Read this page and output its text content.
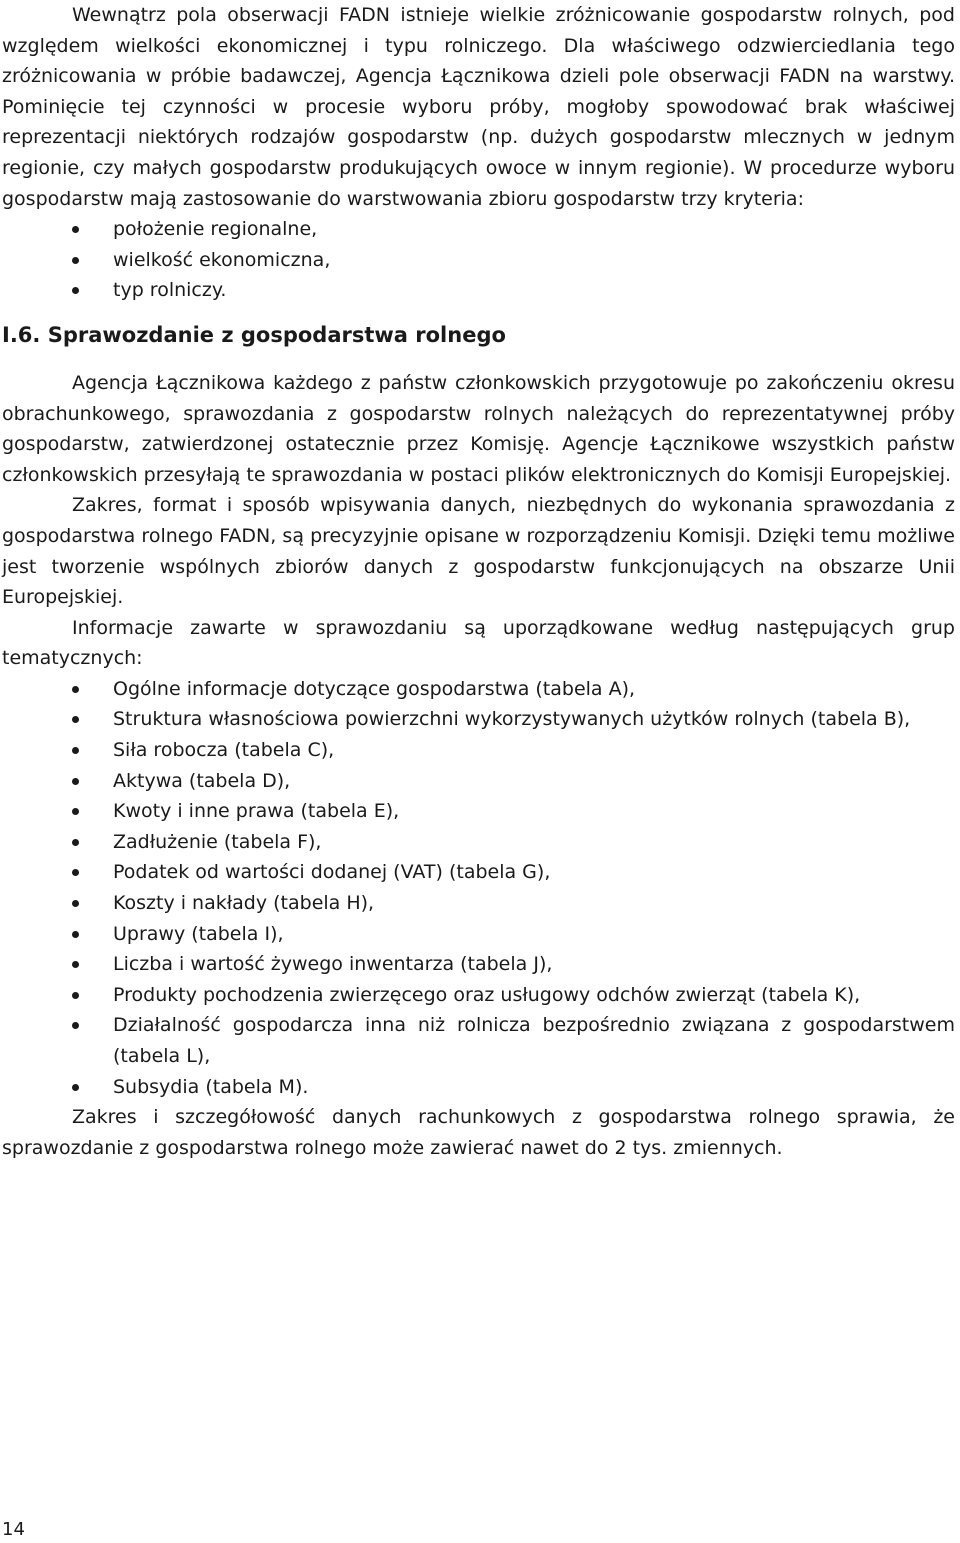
Wewnątrz pola obserwacji FADN istnieje wielkie zróżnicowanie gospodarstw rolnych, pod względem wielkości ekonomicznej i typu rolniczego. Dla właściwego odzwierciedlania tego zróżnicowania w próbie badawczej, Agencja Łącznikowa dzieli pole obserwacji FADN na warstwy. Pominięcie tej czynności w procesie wyboru próby, mogłoby spowodować brak właściwej reprezentacji niektórych rodzajów gospodarstw (np. dużych gospodarstw mlecznych w jednym regionie, czy małych gospodarstw produkujących owoce w innym regionie). W procedurze wyboru gospodarstw mają zastosowanie do warstwowania zbioru gospodarstw trzy kryteria:

położenie regionalne,
wielkość ekonomiczna,
typ rolniczy.
I.6. Sprawozdanie z gospodarstwa rolnego

Agencja Łącznikowa każdego z państw członkowskich przygotowuje po zakończeniu okresu obrachunkowego, sprawozdania z gospodarstw rolnych należących do reprezentatywnej próby gospodarstw, zatwierdzonej ostatecznie przez Komisję. Agencje Łącznikowe wszystkich państw członkowskich przesyłają te sprawozdania w postaci plików elektronicznych do Komisji Europejskiej.

Zakres, format i sposób wpisywania danych, niezbędnych do wykonania sprawozdania z gospodarstwa rolnego FADN, są precyzyjnie opisane w rozporządzeniu Komisji. Dzięki temu możliwe jest tworzenie wspólnych zbiorów danych z gospodarstw funkcjonujących na obszarze Unii Europejskiej.

Informacje zawarte w sprawozdaniu są uporządkowane według następujących grup tematycznych:

Ogólne informacje dotyczące gospodarstwa (tabela A),
Struktura własnościowa powierzchni wykorzystywanych użytków rolnych (tabela B),
Siła robocza (tabela C),
Aktywa (tabela D),
Kwoty i inne prawa (tabela E),
Zadłużenie (tabela F),
Podatek od wartości dodanej (VAT) (tabela G),
Koszty i nakłady (tabela H),
Uprawy (tabela I),
Liczba i wartość żywego inwentarza (tabela J),
Produkty pochodzenia zwierzęcego oraz usługowy odchów zwierząt (tabela K),
Działalność gospodarcza inna niż rolnicza bezpośrednio związana z gospodarstwem (tabela L),
Subsydia (tabela M).

Zakres i szczegółowość danych rachunkowych z gospodarstwa rolnego sprawia, że sprawozdanie z gospodarstwa rolnego może zawierać nawet do 2 tys. zmiennych.

14
